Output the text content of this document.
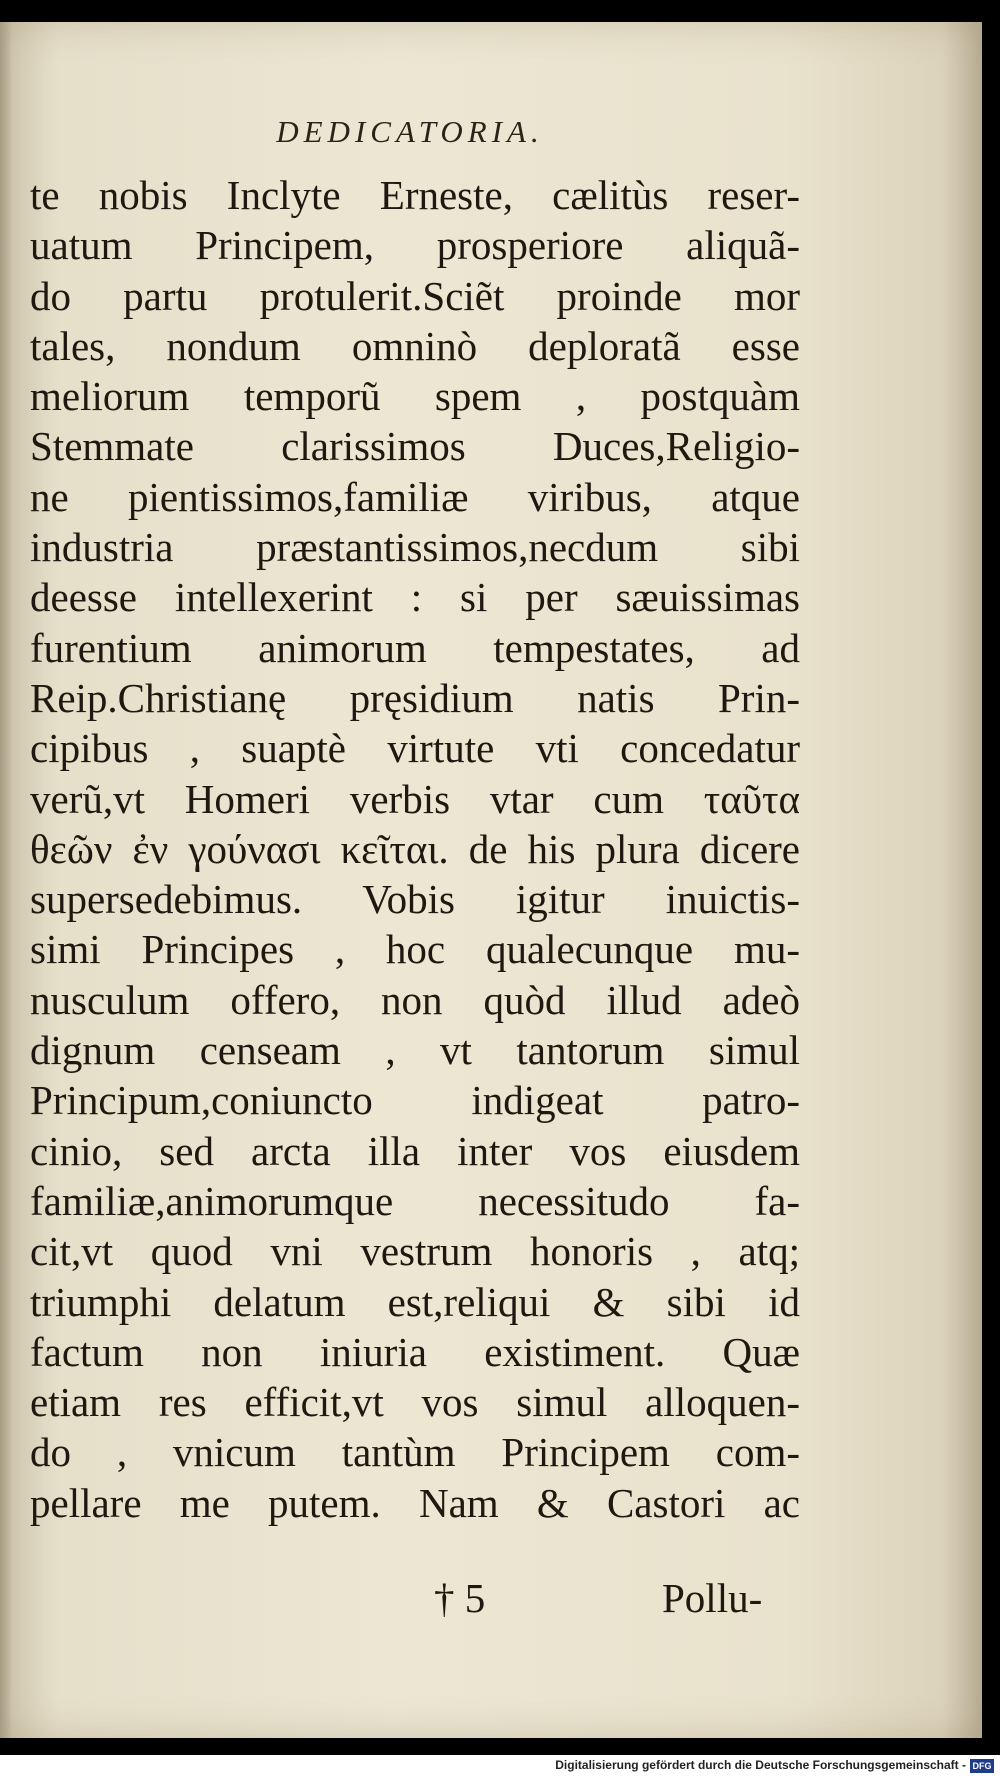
DEDICATORIA.
te nobis Inclyte Erneste, cælitùs reser-
uatum Principem, prosperiore aliquã-
do partu protulerit.Sciẽt proinde mor
tales, nondum omninò deploratã esse
meliorum temporũ spem , postquàm
Stemmate clarissimos Duces,Religio-
ne pientissimos,familiæ viribus, atque
industria præstantissimos,necdum sibi
deesse intellexerint : si per sæuissimas
furentium animorum tempestates, ad
Reip.Christianę pręsidium natis Prin-
cipibus , suaptè virtute vti concedatur
verũ,vt Homeri verbis vtar cum ταῦτα
θεῶν ἐν γούνασι κεῖται. de his plura dicere
supersedebimus. Vobis igitur inuictis-
simi Principes , hoc qualecunque mu-
nusculum offero, non quòd illud adeò
dignum censeam , vt tantorum simul
Principum,coniuncto indigeat patro-
cinio, sed arcta illa inter vos eiusdem
familiæ,animorumque necessitudo fa-
cit,vt quod vni vestrum honoris , atq;
triumphi delatum est,reliqui & sibi id
factum non iniuria existiment. Quæ
etiam res efficit,vt vos simul alloquen-
do , vnicum tantùm Principem com-
pellare me putem. Nam & Castori ac
† 5	Pollu-
Digitalisierung gefördert durch die Deutsche Forschungsgemeinschaft - DFG
